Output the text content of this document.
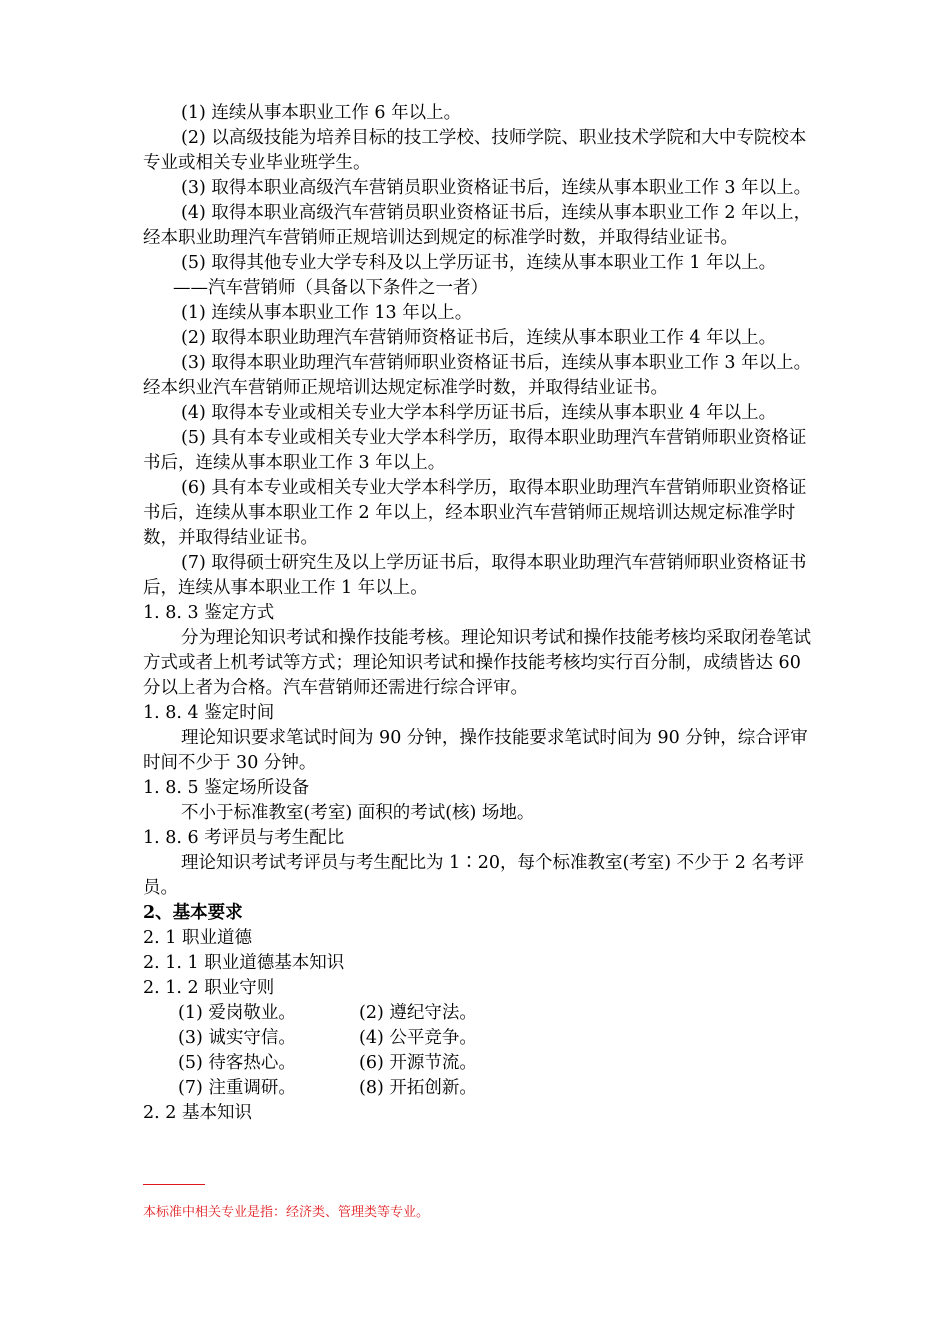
(1) 连续从事本职业工作 6 年以上。

(2) 以高级技能为培养目标的技工学校、技师学院、职业技术学院和大中专院校本专业或相关专业毕业班学生。

(3) 取得本职业高级汽车营销员职业资格证书后，连续从事本职业工作 3 年以上。

(4) 取得本职业高级汽车营销员职业资格证书后，连续从事本职业工作 2 年以上，经本职业助理汽车营销师正规培训达到规定的标准学时数，并取得结业证书。

(5) 取得其他专业大学专科及以上学历证书，连续从事本职业工作 1 年以上。

——汽车营销师（具备以下条件之一者）

(1) 连续从事本职业工作 13 年以上。

(2) 取得本职业助理汽车营销师资格证书后，连续从事本职业工作 4 年以上。

(3) 取得本职业助理汽车营销师职业资格证书后，连续从事本职业工作 3 年以上。经本织业汽车营销师正规培训达规定标准学时数，并取得结业证书。

(4) 取得本专业或相关专业大学本科学历证书后，连续从事本职业 4 年以上。

(5) 具有本专业或相关专业大学本科学历，取得本职业助理汽车营销师职业资格证书后，连续从事本职业工作 3 年以上。

(6) 具有本专业或相关专业大学本科学历，取得本职业助理汽车营销师职业资格证书后，连续从事本职业工作 2 年以上，经本职业汽车营销师正规培训达规定标准学时数，并取得结业证书。

(7) 取得硕士研究生及以上学历证书后，取得本职业助理汽车营销师职业资格证书后，连续从事本职业工作 1 年以上。

1. 8. 3 鉴定方式

分为理论知识考试和操作技能考核。理论知识考试和操作技能考核均采取闭卷笔试方式或者上机考试等方式；理论知识考试和操作技能考核均实行百分制，成绩皆达 60 分以上者为合格。汽车营销师还需进行综合评审。

1. 8. 4 鉴定时间

理论知识要求笔试时间为 90 分钟，操作技能要求笔试时间为 90 分钟，综合评审时间不少于 30 分钟。

1. 8. 5 鉴定场所设备

不小于标准教室(考室) 面积的考试(核) 场地。

1. 8. 6 考评员与考生配比

理论知识考试考评员与考生配比为 1∶20，每个标准教室(考室) 不少于 2 名考评员。

2、基本要求

2. 1 职业道德

2. 1. 1 职业道德基本知识

2. 1. 2 职业守则

(1) 爱岗敬业。	(2) 遵纪守法。
(3) 诚实守信。	(4) 公平竞争。
(5) 待客热心。	(6) 开源节流。
(7) 注重调研。	(8) 开拓创新。

2. 2 基本知识

本标准中相关专业是指：经济类、管理类等专业。
